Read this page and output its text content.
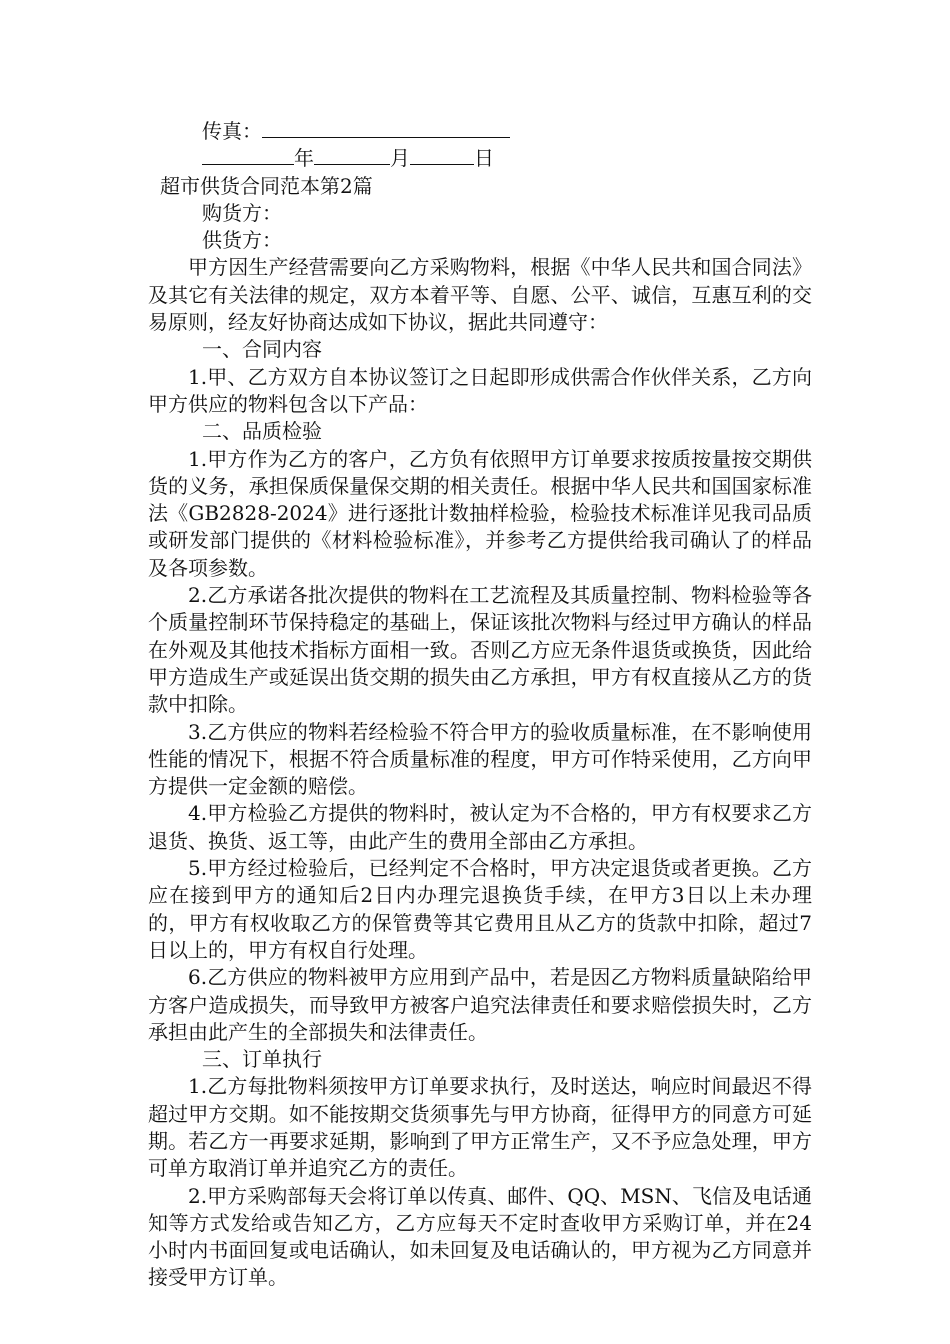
传真：
年	月	日
超市供货合同范本第2篇
购货方：
供货方：

甲方因生产经营需要向乙方采购物料，根据《中华人民共和国合同法》及其它有关法律的规定，双方本着平等、自愿、公平、诚信，互惠互利的交易原则，经友好协商达成如下协议，据此共同遵守：

一、合同内容

1.甲、乙方双方自本协议签订之日起即形成供需合作伙伴关系，乙方向甲方供应的物料包含以下产品：

二、品质检验

1.甲方作为乙方的客户，乙方负有依照甲方订单要求按质按量按交期供货的义务，承担保质保量保交期的相关责任。根据中华人民共和国国家标准法《GB2828-2024》进行逐批计数抽样检验，检验技术标准详见我司品质或研发部门提供的《材料检验标准》，并参考乙方提供给我司确认了的样品及各项参数。

2.乙方承诺各批次提供的物料在工艺流程及其质量控制、物料检验等各个质量控制环节保持稳定的基础上，保证该批次物料与经过甲方确认的样品在外观及其他技术指标方面相一致。否则乙方应无条件退货或换货，因此给甲方造成生产或延误出货交期的损失由乙方承担，甲方有权直接从乙方的货款中扣除。

3.乙方供应的物料若经检验不符合甲方的验收质量标准，在不影响使用性能的情况下，根据不符合质量标准的程度，甲方可作特采使用，乙方向甲方提供一定金额的赔偿。

4.甲方检验乙方提供的物料时，被认定为不合格的，甲方有权要求乙方退货、换货、返工等，由此产生的费用全部由乙方承担。

5.甲方经过检验后，已经判定不合格时，甲方决定退货或者更换。乙方应在接到甲方的通知后2日内办理完退换货手续，在甲方3日以上未办理的，甲方有权收取乙方的保管费等其它费用且从乙方的货款中扣除，超过7日以上的，甲方有权自行处理。

6.乙方供应的物料被甲方应用到产品中，若是因乙方物料质量缺陷给甲方客户造成损失，而导致甲方被客户追究法律责任和要求赔偿损失时，乙方承担由此产生的全部损失和法律责任。

三、订单执行

1.乙方每批物料须按甲方订单要求执行，及时送达，响应时间最迟不得超过甲方交期。如不能按期交货须事先与甲方协商，征得甲方的同意方可延期。若乙方一再要求延期，影响到了甲方正常生产，又不予应急处理，甲方可单方取消订单并追究乙方的责任。

2.甲方采购部每天会将订单以传真、邮件、QQ、MSN、飞信及电话通知等方式发给或告知乙方，乙方应每天不定时查收甲方采购订单，并在24小时内书面回复或电话确认，如未回复及电话确认的，甲方视为乙方同意并接受甲方订单。
